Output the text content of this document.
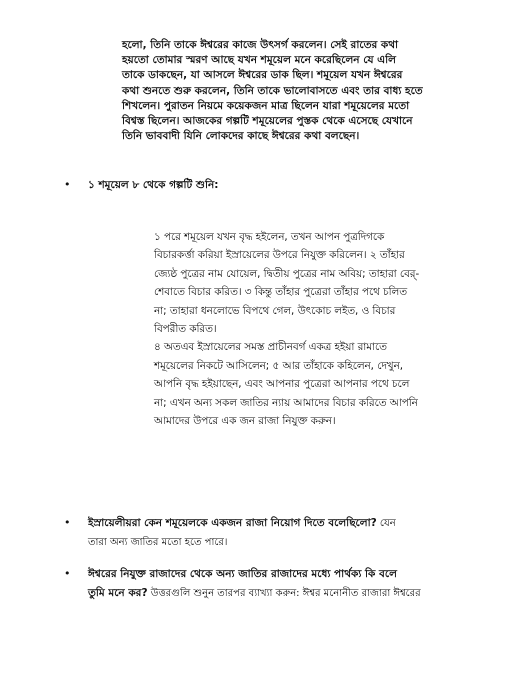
হলো, তিনি তাকে ঈশ্বরের কাজে উৎসর্গ করলেন। সেই রাতের কথা
হয়তো তোমার স্মরণ আছে যখন শমূয়েল মনে করেছিলেন যে এলি
তাকে ডাকছেন, যা আসলে ঈশ্বরের ডাক ছিল। শমূয়েল যখন ঈশ্বরের
কথা শুনতে শুরু করলেন, তিনি তাকে ভালোবাসতে এবং তার বাধ্য হতে
শিখলেন। পুরাতন নিয়মে কয়েকজন মাত্র ছিলেন যারা শমূয়েলের মতো
বিশ্বস্ত ছিলেন। আজকের গল্পটি শমূয়েলের পুস্তক থেকে এসেছে যেখানে
তিনি ভাববাদী যিনি লোকদের কাছে ঈশ্বরের কথা বলছেন।
• ১ শমূয়েল ৮ থেকে গল্পটি শুনি:
১ পরে শমূয়েল যখন বৃদ্ধ হইলেন, তখন আপন পুত্রদিগকে
বিচারকর্ত্তা করিয়া ইস্রায়েলের উপরে নিযুক্ত করিলেন। ২ তাঁহার
জ্যেষ্ঠ পুত্রের নাম যোয়েল, দ্বিতীয় পুত্রের নাম অবিয়; তাহারা বের্-
শেবাতে বিচার করিত। ৩ কিন্তু তাঁহার পুত্রেরা তাঁহার পথে চলিত
না; তাহারা ধনলোভে বিপথে গেল, উৎকোচ লইত, ও বিচার
বিপরীত করিত।
৪ অতএব ইস্রায়েলের সমস্ত প্রাচীনবর্গ একত্র হইয়া রামাতে
শমূয়েলের নিকটে আসিলেন; ৫ আর তাঁহাকে কহিলেন, দেখুন,
আপনি বৃদ্ধ হইয়াছেন, এবং আপনার পুত্রেরা আপনার পথে চলে
না; এখন অন্য সকল জাতির ন্যায় আমাদের বিচার করিতে আপনি
আমাদের উপরে এক জন রাজা নিযুক্ত করুন।
• ইস্রায়েলীয়রা কেন শমূয়েলকে একজন রাজা নিয়োগ দিতে বলেছিলো? যেন
তারা অন্য জাতির মতো হতে পারে।
• ঈশ্বরের নিযুক্ত রাজাদের থেকে অন্য জাতির রাজাদের মধ্যে পার্থক্য কি বলে
তুমি মনে কর? উত্তরগুলি শুনুন তারপর ব্যাখ্যা করুন: ঈশ্বর মনোনীত রাজারা ঈশ্বরের
